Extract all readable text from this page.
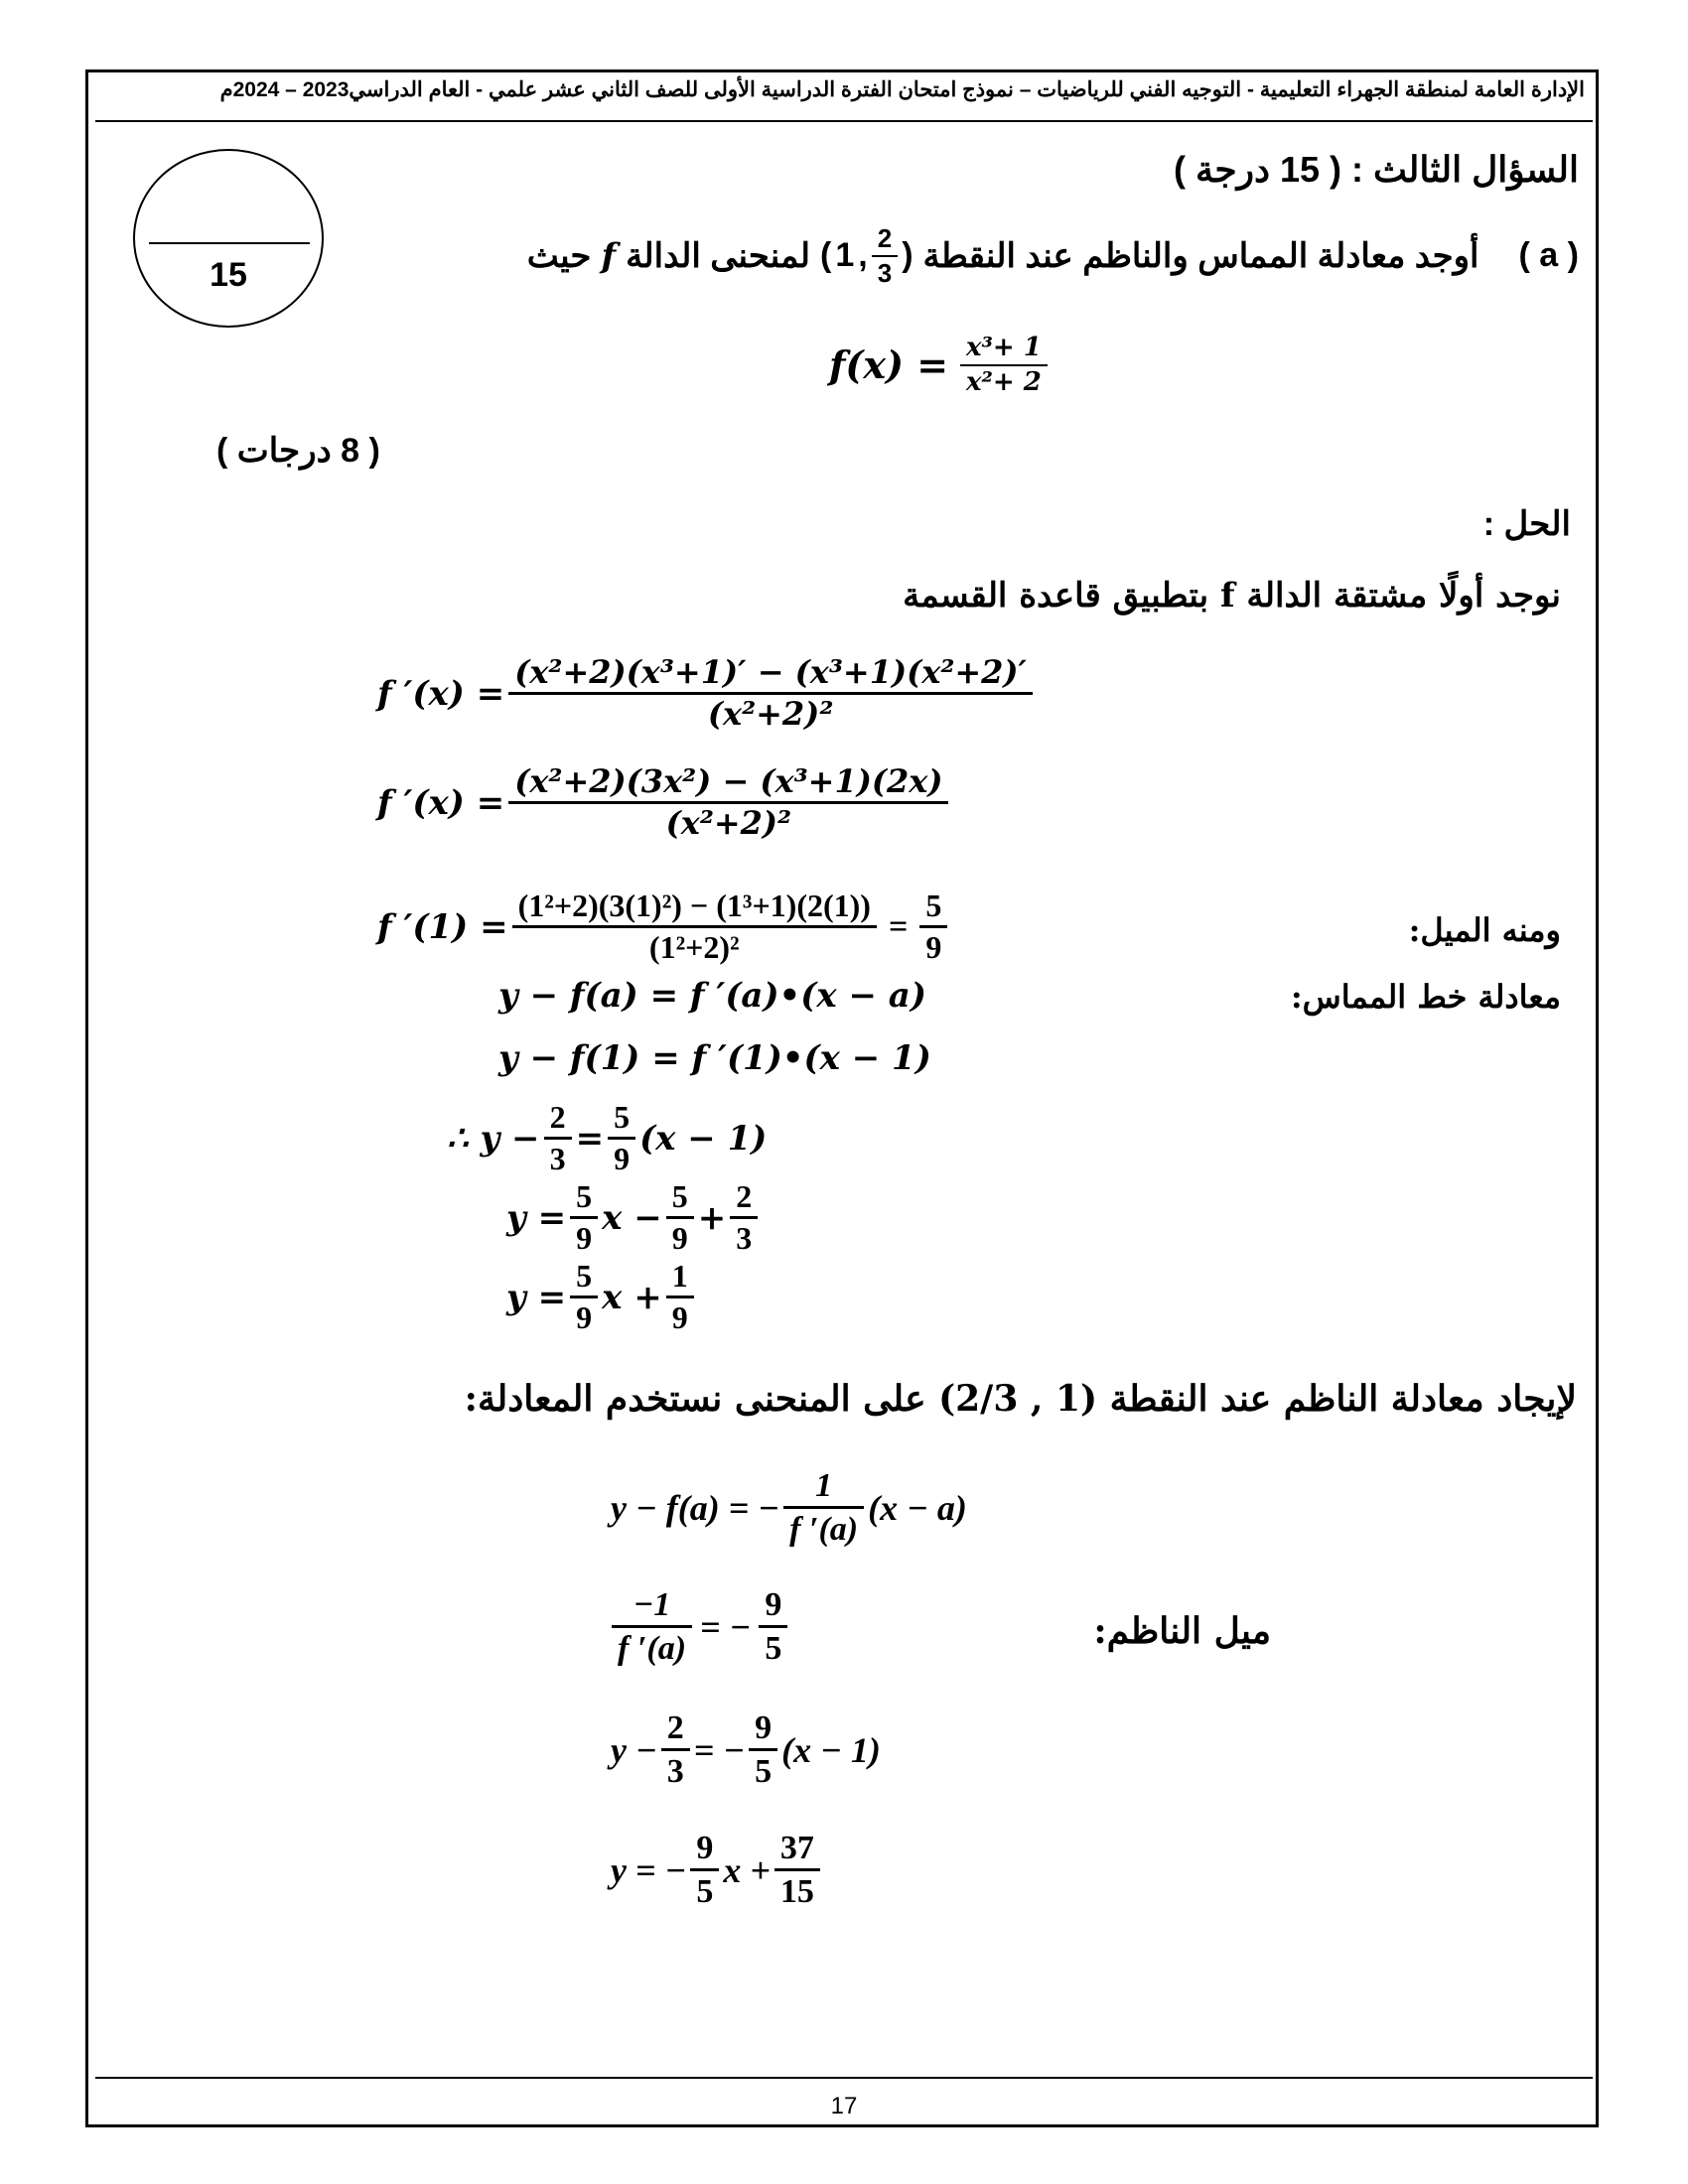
الإدارة العامة لمنطقة الجهراء التعليمية - التوجيه الفني للرياضيات – نموذج امتحان الفترة الدراسية الأولى للصف الثاني عشر علمي - العام الدراسي2023 – 2024م
15
السؤال الثالث : ( 15 درجة )
( a )
أوجد معادلة المماس والناظم عند النقطة
( 1 , $\frac{2}{3}$ )
لمنحنى الدالة
f
حيث
$f(x) = \frac{\text{x³+ 1}}{\text{x²+ 2}}$
( 8 درجات )
الحل :
نوجد أولًا مشتقة الدالة f بتطبيق قاعدة القسمة
f $'(x) = \frac{\text{(x²+2)(x³+1)′ − (x³+1)(x²+2)′}}{\text{(x²+2)²}}$
f $'(x) = \frac{\text{(x²+2)(3x²) − (x³+1)(2x)}}{\text{(x²+2)²}}$
f $'(1) = \frac{\text{(1²+2)(3(1)²) − (1³+1)(2(1))}}{\text{(1²+2)²}} = \frac{5}{9}$	ومنه الميل:
معادلة خط المماس:
y − f(a) = f ′(a)•(x − a)
y − f(1) = f ′(1)•(x − 1)
∴ $y - \frac{2}{3} = \frac{5}{9} (x - 1)$
$y = \frac{5}{9}$ $x - \frac{5}{9} + \frac{2}{3}$
$y = \frac{5}{9}$ $x + \frac{1}{9}$
لإيجاد معادلة الناظم عند النقطة (1 , 2/3) على المنحنى نستخدم المعادلة:
y − f(a) = − $\frac{1}{f '(a)} (x - a)$
$\frac{-1}{f '(a)}$ = − $\frac{9}{5}$	ميل الناظم:
$y - \frac{2}{3}$ = − $\frac{9}{5} (x - 1)$
y = − $\frac{9}{5}$ $x + \frac{37}{15}$
17
